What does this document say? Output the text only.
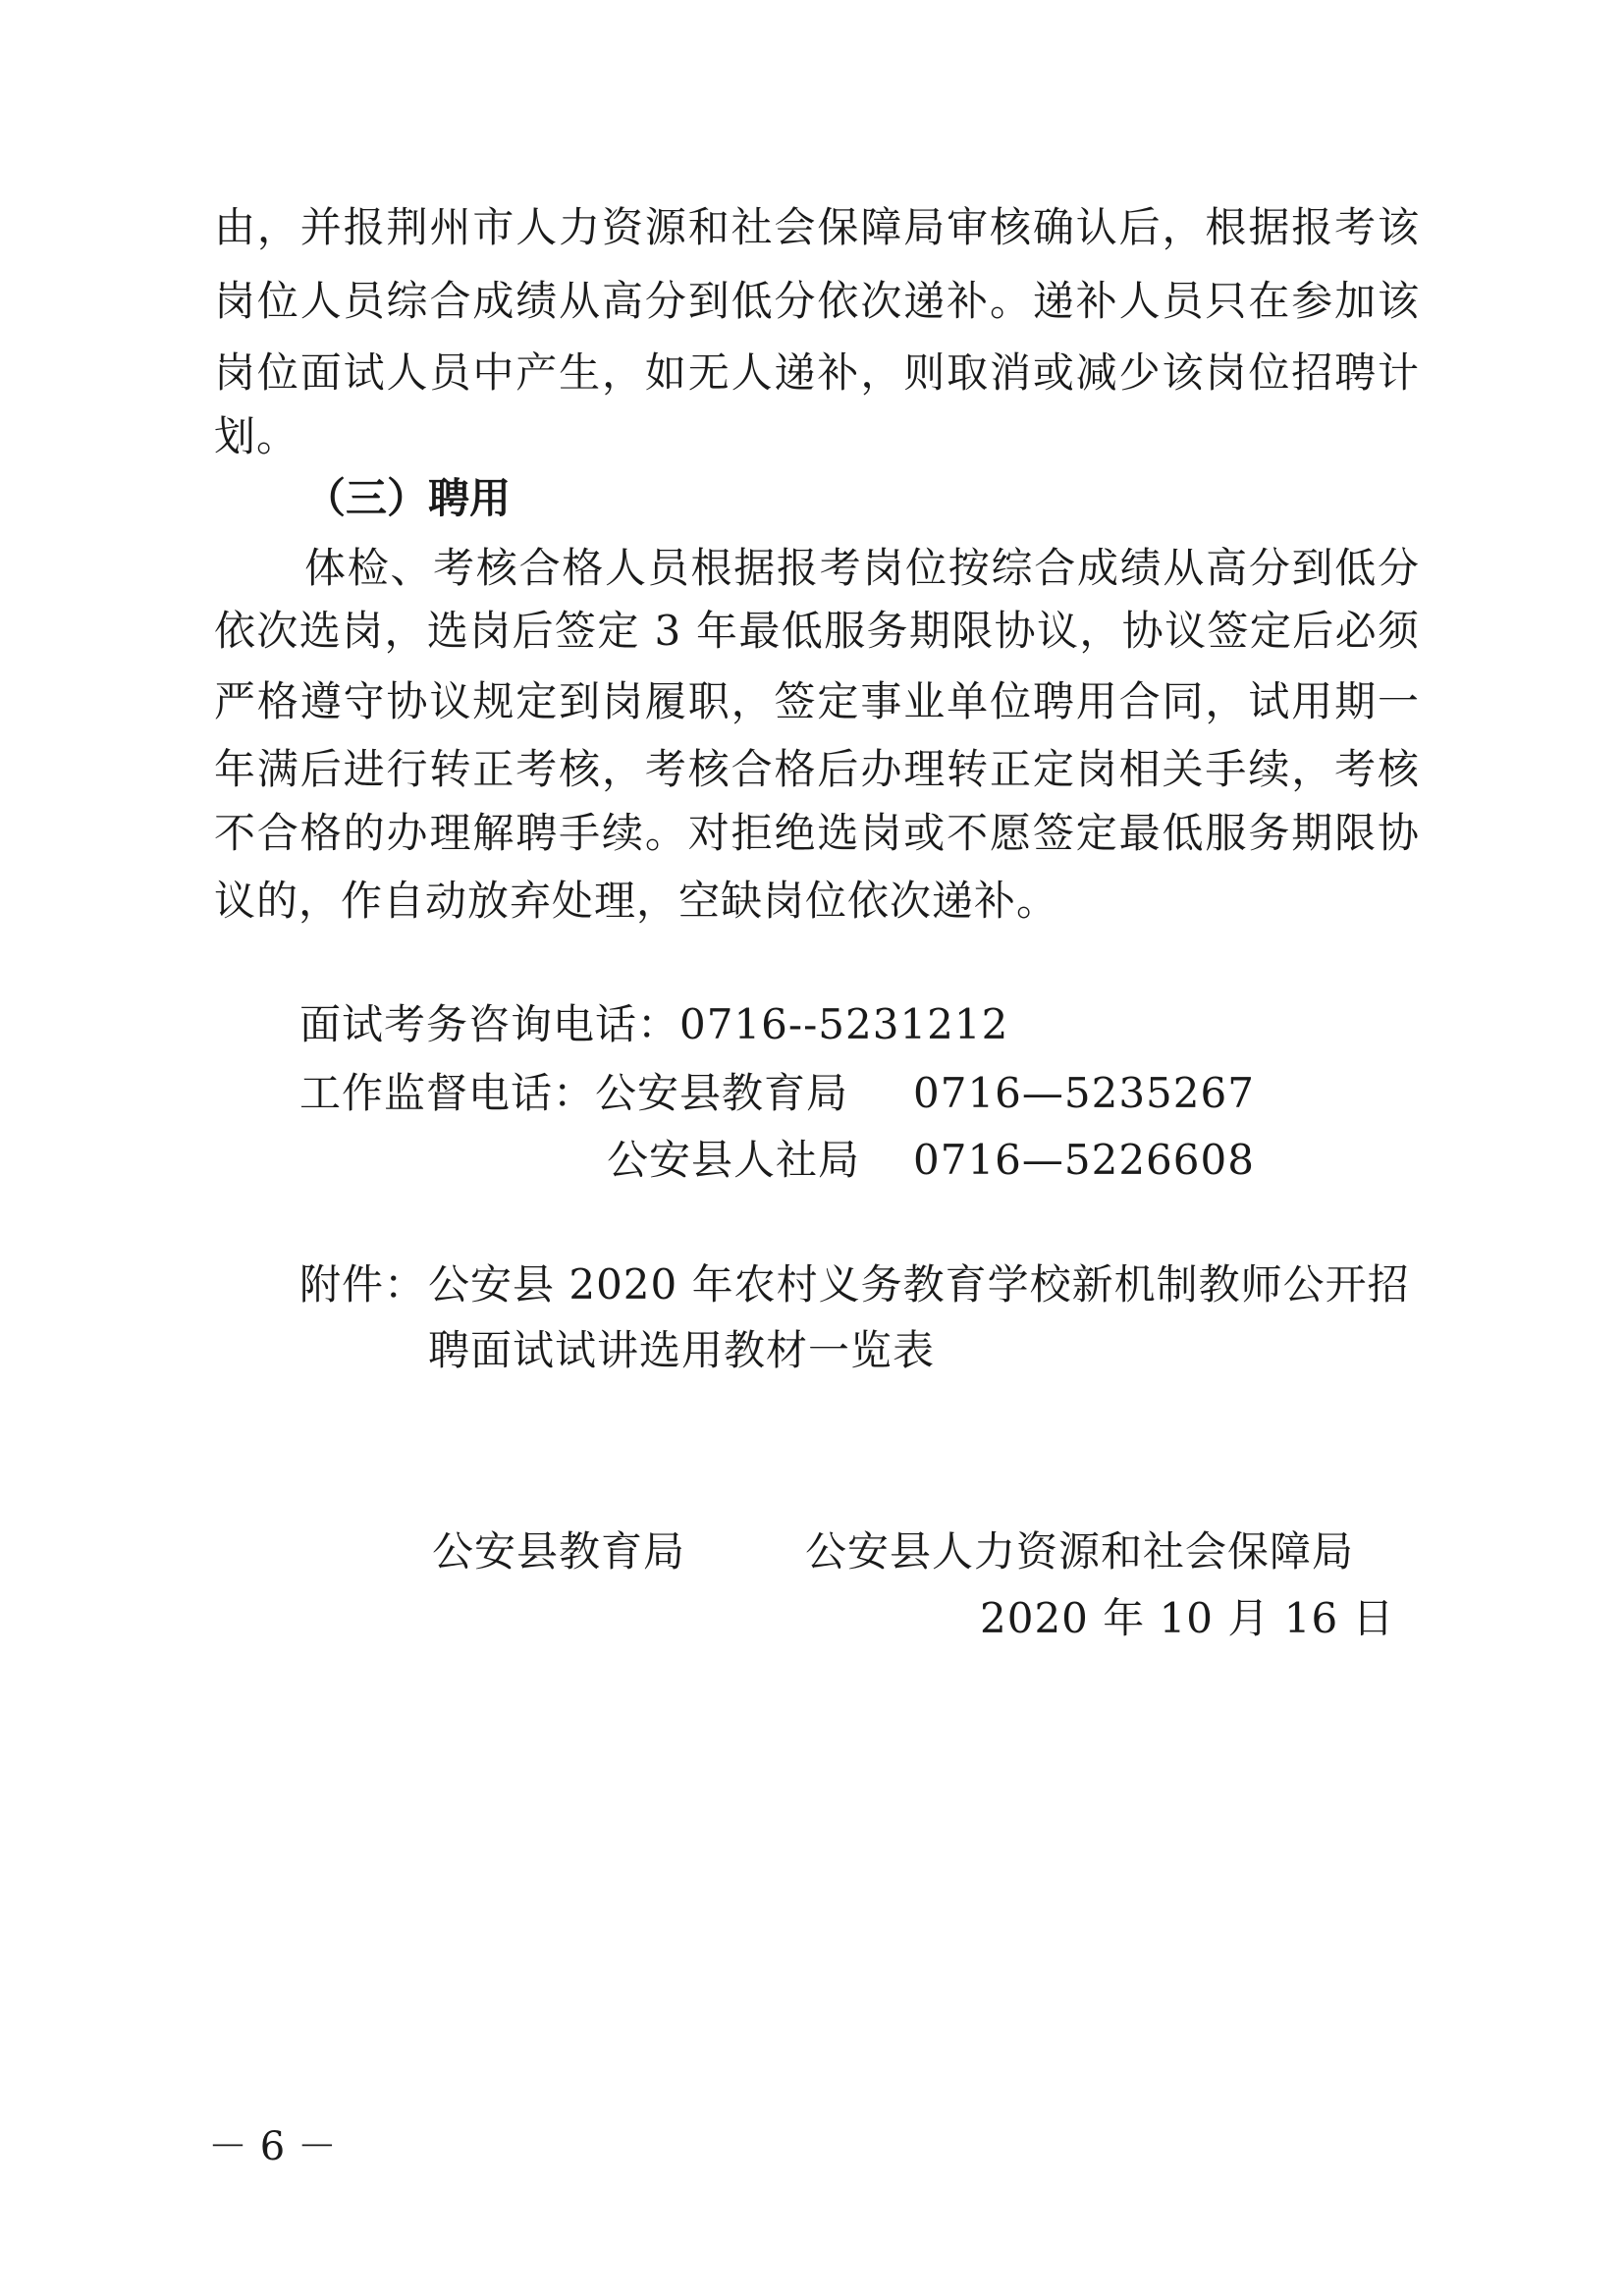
由，并报荆州市人力资源和社会保障局审核确认后，根据报考该
岗位人员综合成绩从高分到低分依次递补。递补人员只在参加该
岗位面试人员中产生，如无人递补，则取消或减少该岗位招聘计
划。
（三）聘用
体检、考核合格人员根据报考岗位按综合成绩从高分到低分
依次选岗，选岗后签定 3 年最低服务期限协议，协议签定后必须
严格遵守协议规定到岗履职，签定事业单位聘用合同，试用期一
年满后进行转正考核，考核合格后办理转正定岗相关手续，考核
不合格的办理解聘手续。对拒绝选岗或不愿签定最低服务期限协
议的，作自动放弃处理，空缺岗位依次递补。
面试考务咨询电话：0716--5231212
工作监督电话：公安县教育局 0716—5235267
公安县人社局 0716—5226608
附件： 公安县 2020 年农村义务教育学校新机制教师公开招
聘面试试讲选用教材一览表
公安县教育局	公安县人力资源和社会保障局
2020 年 10 月 16 日
－ 6 －
